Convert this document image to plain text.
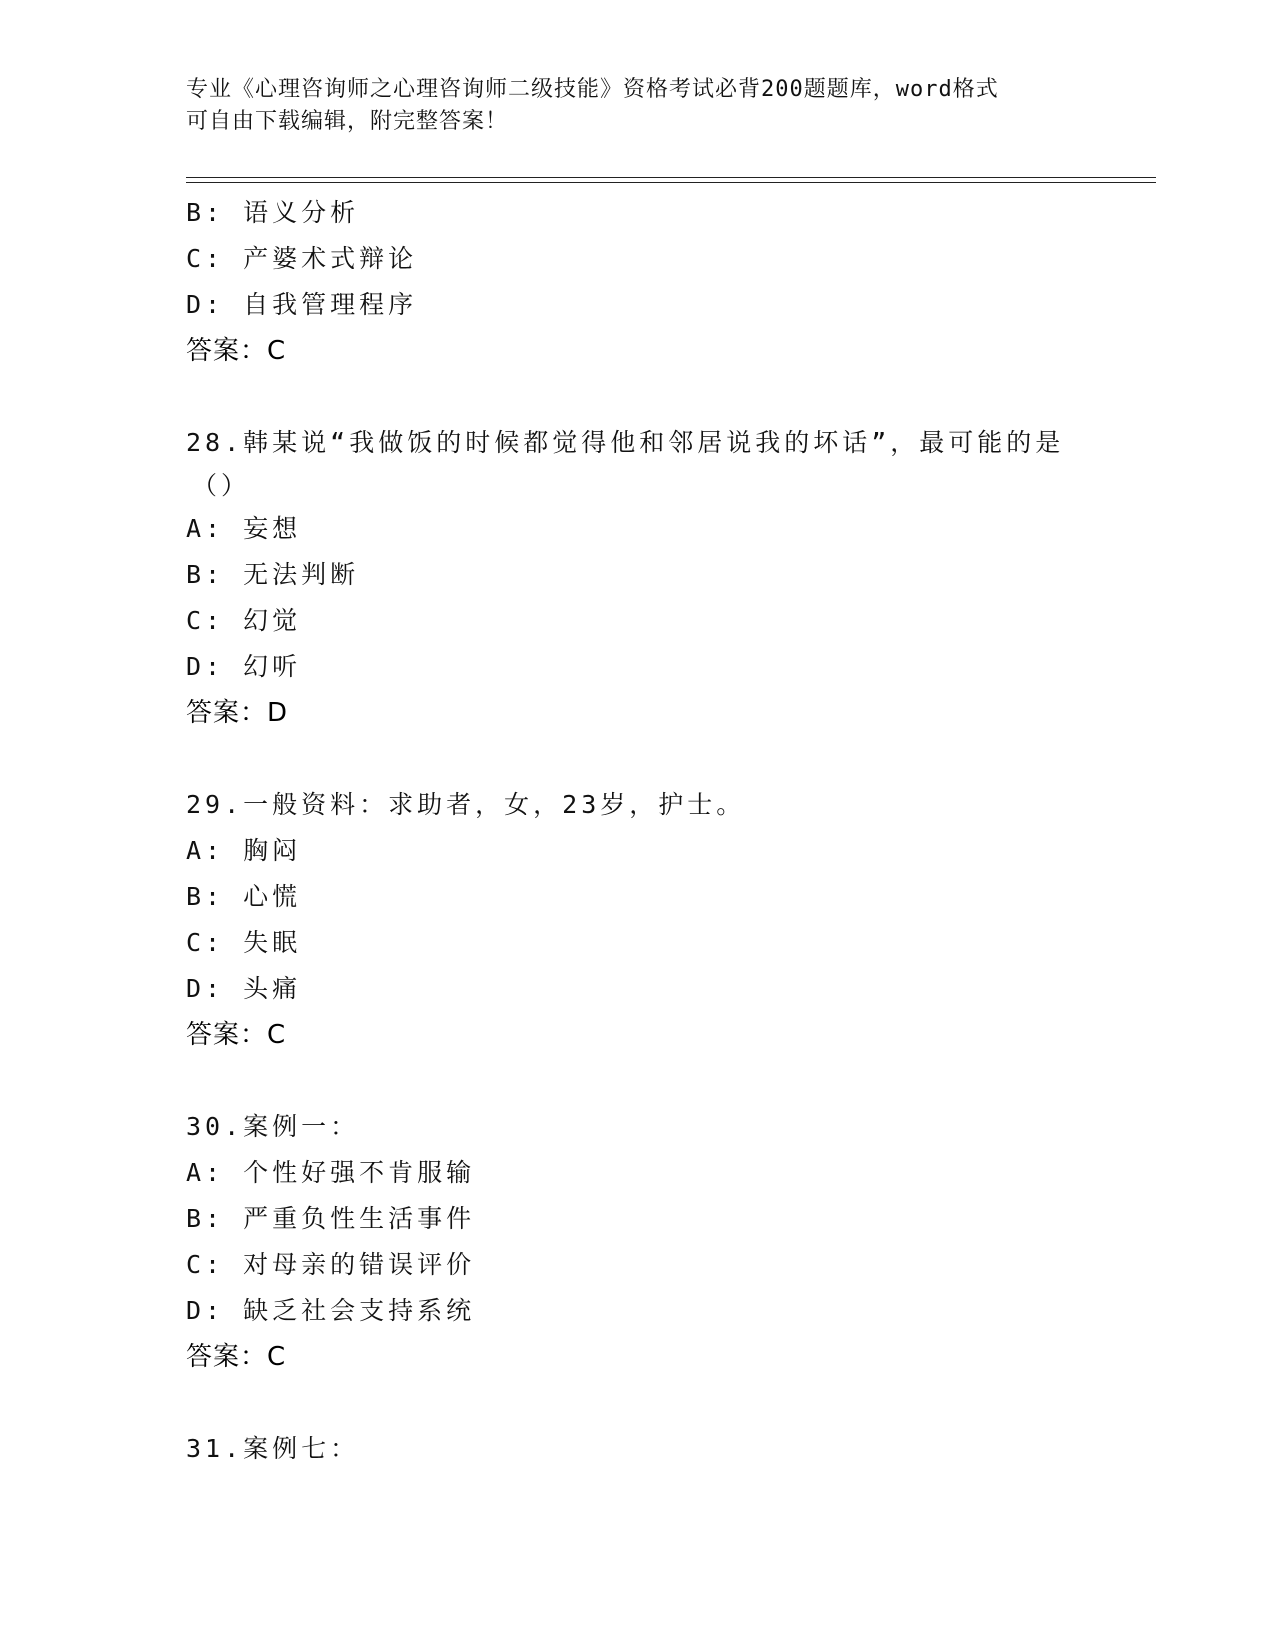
专业《心理咨询师之心理咨询师二级技能》资格考试必背200题题库，word格式
可自由下载编辑，附完整答案！
B: 语义分析
C: 产婆术式辩论
D: 自我管理程序
答案：C
28.韩某说“我做饭的时候都觉得他和邻居说我的坏话”，最可能的是
（）
A: 妄想
B: 无法判断
C: 幻觉
D: 幻听
答案：D
29.一般资料：求助者，女，23岁，护士。
A: 胸闷
B: 心慌
C: 失眠
D: 头痛
答案：C
30.案例一：
A: 个性好强不肯服输
B: 严重负性生活事件
C: 对母亲的错误评价
D: 缺乏社会支持系统
答案：C
31.案例七：
